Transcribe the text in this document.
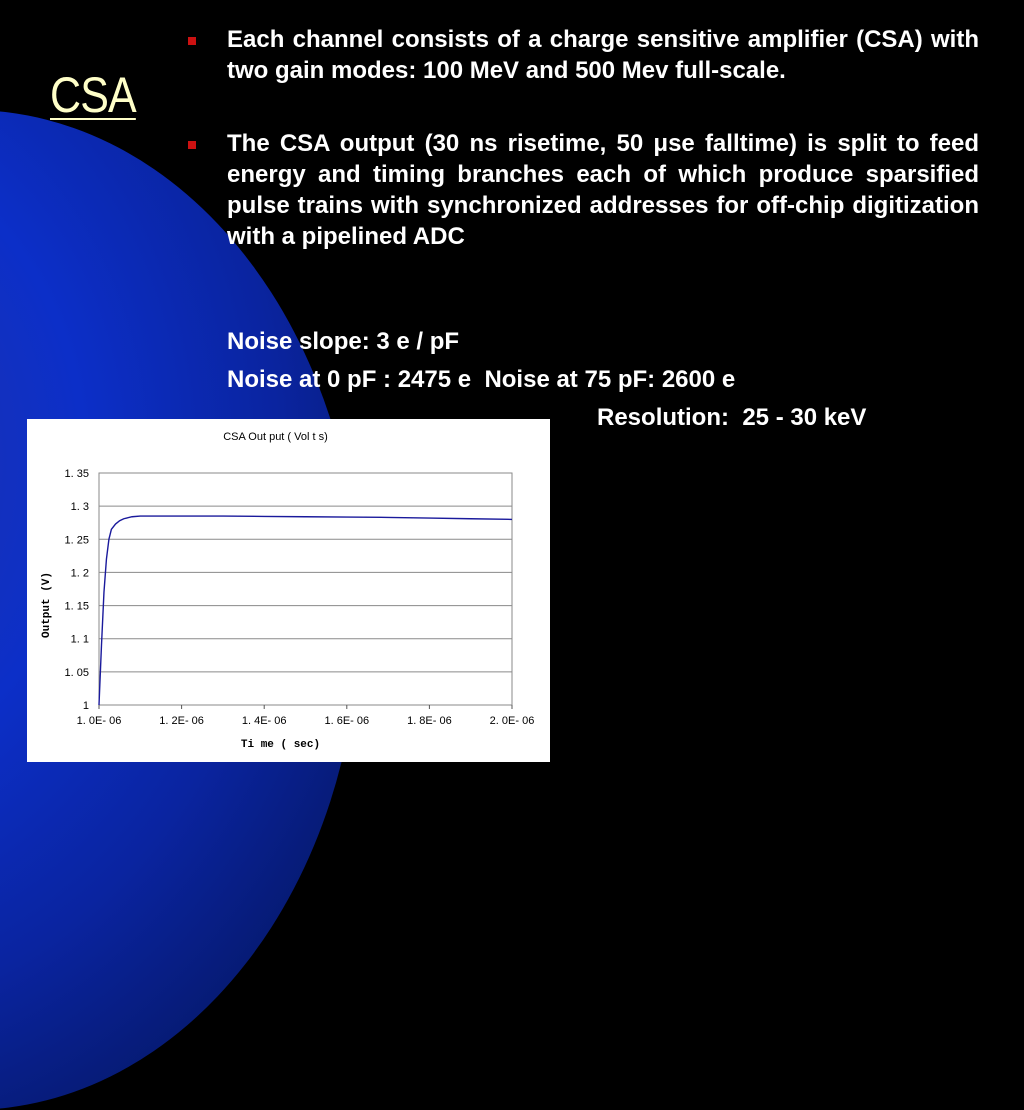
CSA
Each channel consists of a charge sensitive amplifier (CSA) with two gain modes: 100 MeV and 500 Mev full-scale.
The CSA output (30 ns risetime, 50 μse falltime) is split to feed energy and timing branches each of which produce sparsified pulse trains with synchronized addresses for off-chip digitization with a pipelined ADC
Noise slope: 3 e / pF
Noise at 0 pF : 2475 e  Noise at 75 pF: 2600 e
Resolution:  25 - 30 keV
CSA Out put ( Vol t s)
1
1. 05
1. 1
1. 15
1. 2
1. 25
1. 3
1. 35
1. 0E- 06	1. 2E- 06	1. 4E- 06	1. 6E- 06	1. 8E- 06	2. 0E- 06
Ti me ( sec)
Output (V)
